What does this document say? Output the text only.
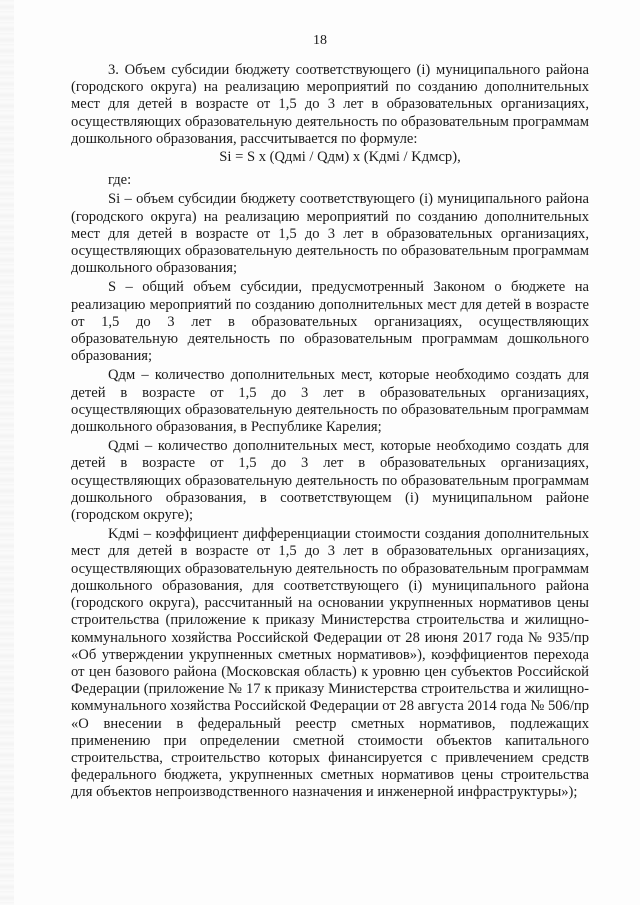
18

3. Объем субсидии бюджету соответствующего (i) муниципального района (городского округа) на реализацию мероприятий по созданию дополнительных мест для детей в возрасте от 1,5 до 3 лет в образовательных организациях, осуществляющих образовательную деятельность по образовательным программам дошкольного образования, рассчитывается по формуле:

Si = S x (Qдмi / Qдм) x (Kдмi / Kдмср),

где:

Si – объем субсидии бюджету соответствующего (i) муниципального района (городского округа) на реализацию мероприятий по созданию дополнительных мест для детей в возрасте от 1,5 до 3 лет в образовательных организациях, осуществляющих образовательную деятельность по образовательным программам дошкольного образования;

S – общий объем субсидии, предусмотренный Законом о бюджете на реализацию мероприятий по созданию дополнительных мест для детей в возрасте от 1,5 до 3 лет в образовательных организациях, осуществляющих образовательную деятельность по образовательным программам дошкольного образования;

Qдм – количество дополнительных мест, которые необходимо создать для детей в возрасте от 1,5 до 3 лет в образовательных организациях, осуществляющих образовательную деятельность по образовательным программам дошкольного образования, в Республике Карелия;

Qдмi – количество дополнительных мест, которые необходимо создать для детей в возрасте от 1,5 до 3 лет в образовательных организациях, осуществляющих образовательную деятельность по образовательным программам дошкольного образования, в соответствующем (i) муниципальном районе (городском округе);

Kдмi – коэффициент дифференциации стоимости создания дополнительных мест для детей в возрасте от 1,5 до 3 лет в образовательных организациях, осуществляющих образовательную деятельность по образовательным программам дошкольного образования, для соответствующего (i) муниципального района (городского округа), рассчитанный на основании укрупненных нормативов цены строительства (приложение к приказу Министерства строительства и жилищно-коммунального хозяйства Российской Федерации от 28 июня 2017 года № 935/пр «Об утверждении укрупненных сметных нормативов»), коэффициентов перехода от цен базового района (Московская область) к уровню цен субъектов Российской Федерации (приложение № 17 к приказу Министерства строительства и жилищно-коммунального хозяйства Российской Федерации от 28 августа 2014 года № 506/пр «О внесении в федеральный реестр сметных нормативов, подлежащих применению при определении сметной стоимости объектов капитального строительства, строительство которых финансируется с привлечением средств федерального бюджета, укрупненных сметных нормативов цены строительства для объектов непроизводственного назначения и инженерной инфраструктуры»);
